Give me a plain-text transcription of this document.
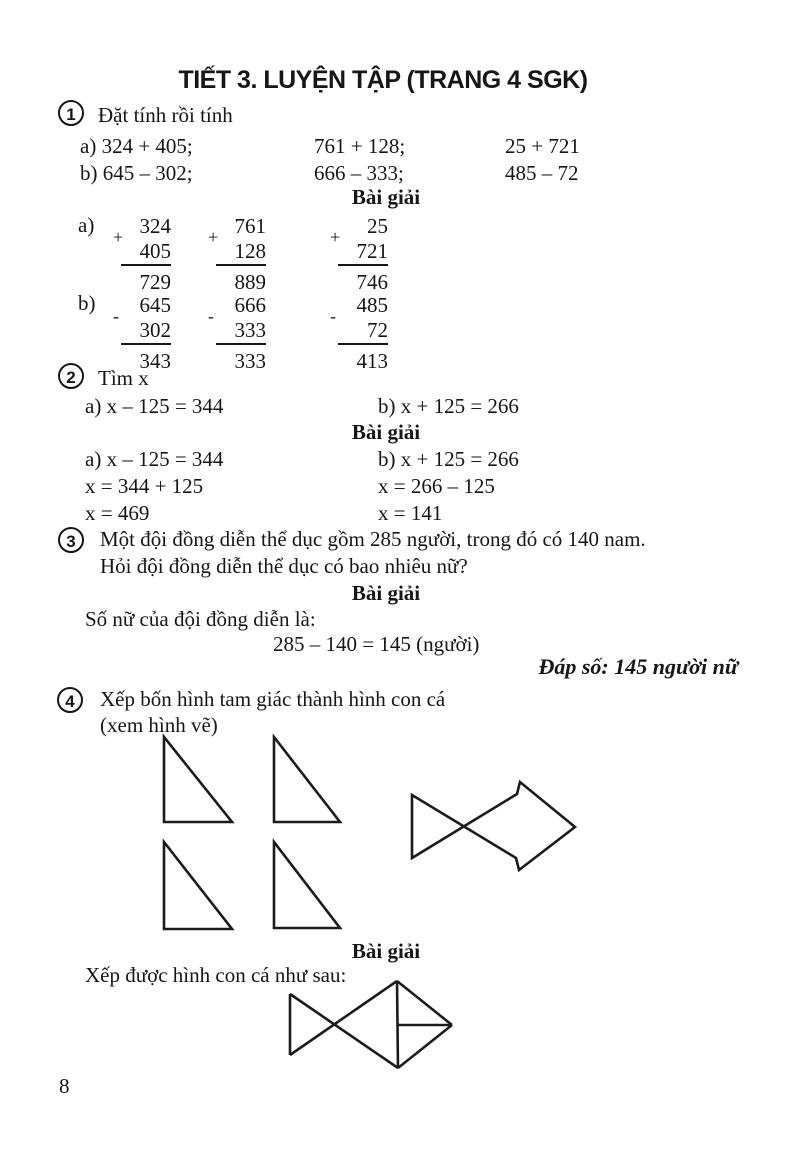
TIẾT 3. LUYỆN TẬP (TRANG 4 SGK)
1	Đặt tính rồi tính
a) 324 + 405;	761 + 128;	25 + 721
b) 645 – 302;	666 – 333;	485 – 72
Bài giải
a) + 324
405
729
+ 761
128
889
+	25
721
746
b)
- 645
302
343
- 666
333
333
- 485
72
413
2	Tìm x
a) x – 125 = 344	b) x + 125 = 266
Bài giải
a) x – 125 = 344
x = 344 + 125
x = 469
b) x + 125 = 266
x = 266 – 125
x = 141
3	Một đội đồng diễn thể dục gồm 285 người, trong đó có 140 nam.
Hỏi đội đồng diễn thể dục có bao nhiêu nữ?
Bài giải
Số nữ của đội đồng diễn là:
285 – 140 = 145 (người)
Đáp số: 145 người nữ
4	Xếp bốn hình tam giác thành hình con cá
(xem hình vẽ)
Bài giải
Xếp được hình con cá như sau:
8
